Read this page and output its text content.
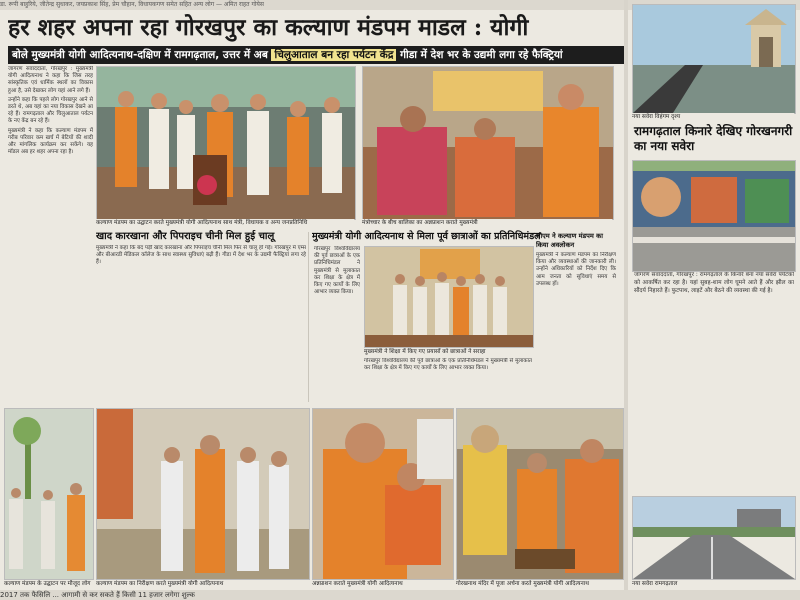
डा. रूपी बाहुरिये, जीतेन्द्र सुधाकर, जयप्रकाश सिंह, प्रेम चौहान, विधायकगण समेत सहित अन्य लोग — अमित राहत गोयेस
हर शहर अपना रहा गोरखपुर का कल्याण मंडपम माडल : योगी
बोले मुख्यमंत्री योगी आदित्यनाथ-दक्षिण में रामगढ़ताल, उत्तर में अब चिलुआताल बन रहा पर्यटन केंद्र गीडा में देश भर के उद्यमी लगा रहे फैक्ट्रियां

जागरण संवाददाता, गोरखपुर : मुख्यमंत्री योगी आदित्यनाथ ने कहा कि जिस तरह सांस्कृतिक एवं धार्मिक स्थलों का विकास हुआ है, उसे देखकर लोग यहां आने लगे हैं।

उन्होंने कहा कि पहले लोग गोरखपुर आने से डरते थे, अब यहां का नया विकास देखने आ रहे हैं। रामगढ़ताल और चिलुआताल पर्यटन के नए केंद्र बन रहे हैं।

मुख्यमंत्री ने कहा कि कल्याण मंडपम में गरीब परिवार कम खर्च में बेटियों की शादी और मांगलिक कार्यक्रम कर सकेंगे। यह मॉडल अब हर शहर अपना रहा है।

कल्याण मंडपम का उद्घाटन करते मुख्यमंत्री योगी आदित्यनाथ साथ मंत्री, विधायक व अन्य जनप्रतिनिधि	मंत्रोच्चार के बीच बालिका का अन्नप्राशन कराते मुख्यमंत्री
खाद कारखाना और पिपराइच चीनी मिल हुई चालू
मुख्यमंत्री ने कहा कि बंद पड़ी खाद कारखाना और पिपराइच चीनी मिल फिर से चालू हो गई। गोरखपुर में एम्स और बीआरडी मेडिकल कॉलेज के साथ स्वास्थ्य सुविधाएं बढ़ी हैं। गीडा में देश भर के उद्यमी फैक्ट्रियां लगा रहे हैं।
मुख्यमंत्री योगी आदित्यनाथ से मिला पूर्व छात्राओं का प्रतिनिधिमंडल
मुख्यमंत्री ने शिक्षा में किए गए प्रयासों को छात्राओं ने सराहा
गोरखपुर विश्वविद्यालय की पूर्व छात्राओं के एक प्रतिनिधिमंडल ने मुख्यमंत्री से मुलाकात कर शिक्षा के क्षेत्र में किए गए कार्यों के लिए आभार व्यक्त किया।
गोरखपुर विश्वविद्यालय की पूर्व छात्राओं के एक प्रतिनिधिमंडल ने मुख्यमंत्री से मुलाकात कर शिक्षा के क्षेत्र में किए गए कार्यों के लिए आभार व्यक्त किया।
सीएम ने कल्याण मंडपम का किया अवलोकन
मुख्यमंत्री ने कल्याण मंडपम का निरीक्षण किया और व्यवस्थाओं की जानकारी ली। उन्होंने अधिकारियों को निर्देश दिए कि आम जनता को सुविधाएं समय से उपलब्ध हों।
नया सवेरा विहंगम दृश्य
रामगढ़ताल किनारे देखिए गोरखनगरी का नया सवेरा
जागरण संवाददाता, गोरखपुर : रामगढ़ताल के किनारे बना नया सवेरा पर्यटकों को आकर्षित कर रहा है। यहां सुबह-शाम लोग घूमने आते हैं और झील का सौंदर्य निहारते हैं। फुटपाथ, लाइटें और बैठने की व्यवस्था की गई है।
नया सवेरा रामगढ़ताल
कल्याण मंडपम के उद्घाटन पर मौजूद लोग कल्याण मंडपम का निरीक्षण करते मुख्यमंत्री योगी आदित्यनाथ	अन्नप्राशन कराते मुख्यमंत्री योगी आदित्यनाथ	गोरखनाथ मंदिर में पूजा अर्चना करते मुख्यमंत्री योगी आदित्यनाथ
2017 तक फैसिलि ... आगामी से कर सकते हैं किसी 11 हजार लगेगा शुल्क
